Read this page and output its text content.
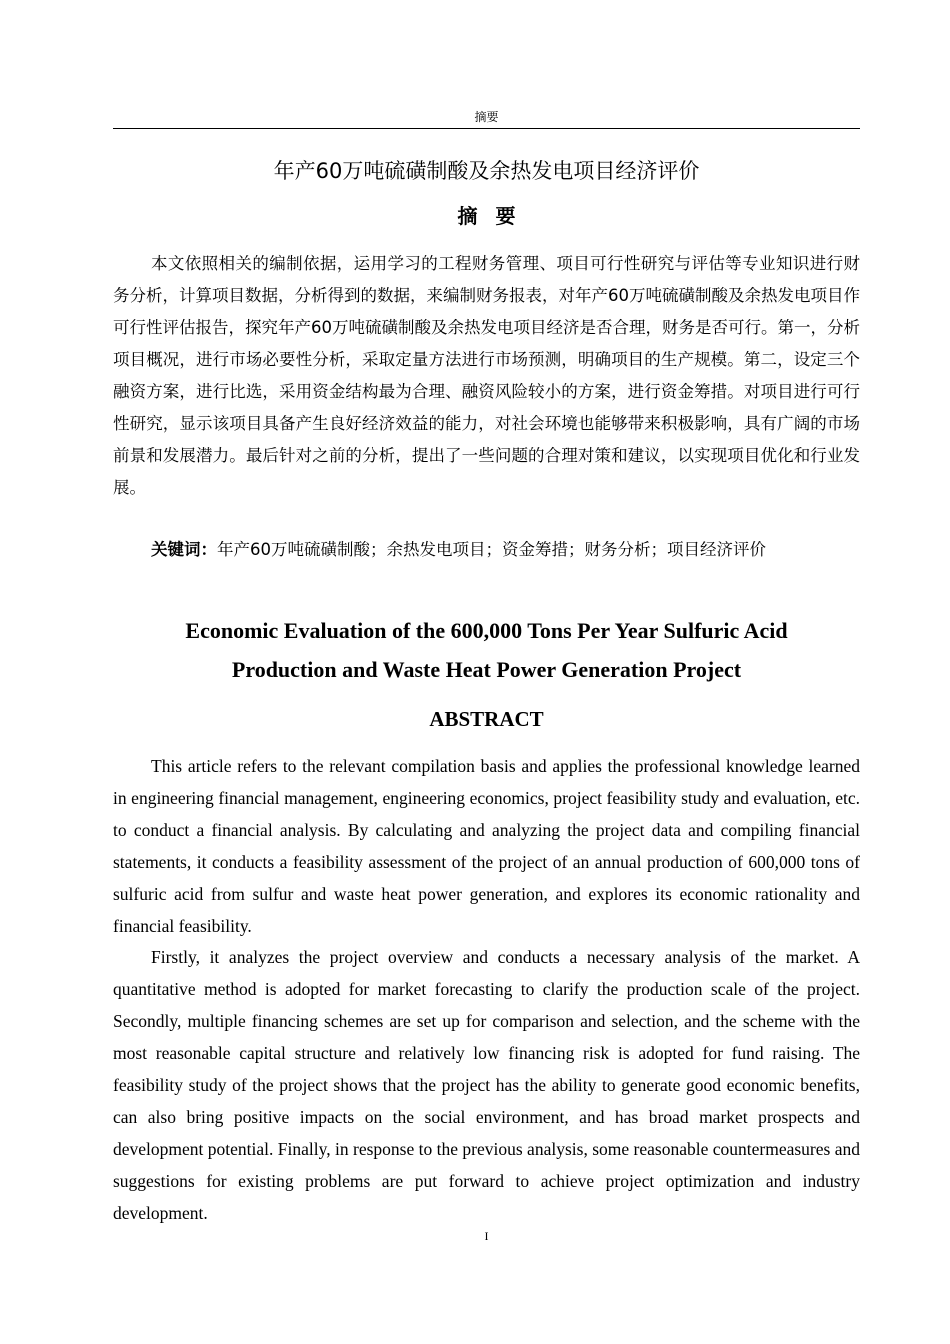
摘要
年产60万吨硫磺制酸及余热发电项目经济评价
摘要

本文依照相关的编制依据，运用学习的工程财务管理、项目可行性研究与评估等专业知识进行财务分析，计算项目数据，分析得到的数据，来编制财务报表，对年产60万吨硫磺制酸及余热发电项目作可行性评估报告，探究年产60万吨硫磺制酸及余热发电项目经济是否合理，财务是否可行。第一，分析项目概况，进行市场必要性分析，采取定量方法进行市场预测，明确项目的生产规模。第二，设定三个融资方案，进行比选，采用资金结构最为合理、融资风险较小的方案，进行资金筹措。对项目进行可行性研究，显示该项目具备产生良好经济效益的能力，对社会环境也能够带来积极影响，具有广阔的市场前景和发展潜力。最后针对之前的分析，提出了一些问题的合理对策和建议，以实现项目优化和行业发展。

关键词：年产60万吨硫磺制酸；余热发电项目；资金筹措；财务分析；项目经济评价

Economic Evaluation of the 600,000 Tons Per Year Sulfuric Acid
Production and Waste Heat Power Generation Project
ABSTRACT

This article refers to the relevant compilation basis and applies the professional knowledge learned in engineering financial management, engineering economics, project feasibility study and evaluation, etc. to conduct a financial analysis. By calculating and analyzing the project data and compiling financial statements, it conducts a feasibility assessment of the project of an annual production of 600,000 tons of sulfuric acid from sulfur and waste heat power generation, and explores its economic rationality and financial feasibility.

Firstly, it analyzes the project overview and conducts a necessary analysis of the market. A quantitative method is adopted for market forecasting to clarify the production scale of the project. Secondly, multiple financing schemes are set up for comparison and selection, and the scheme with the most reasonable capital structure and relatively low financing risk is adopted for fund raising. The feasibility study of the project shows that the project has the ability to generate good economic benefits, can also bring positive impacts on the social environment, and has broad market prospects and development potential. Finally, in response to the previous analysis, some reasonable countermeasures and suggestions for existing problems are put forward to achieve project optimization and industry development.

I
